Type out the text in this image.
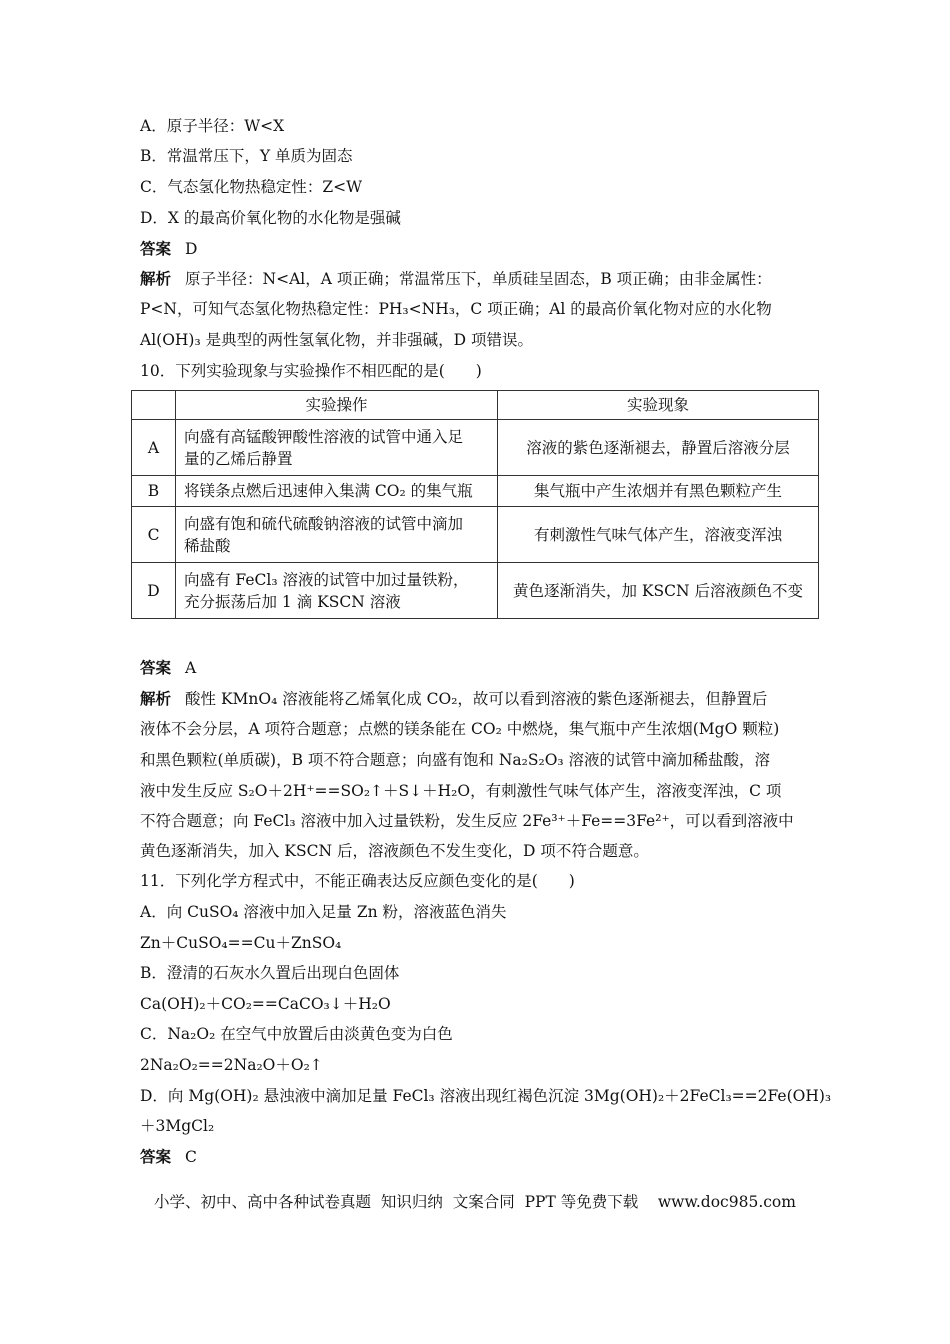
A．原子半径：W<X
B．常温常压下，Y 单质为固态
C．气态氢化物热稳定性：Z<W
D．X 的最高价氧化物的水化物是强碱
答案 D
解析 原子半径：N<Al，A 项正确；常温常压下，单质硅呈固态，B 项正确；由非金属性：
P<N，可知气态氢化物热稳定性：PH₃<NH₃，C 项正确；Al 的最高价氧化物对应的水化物
Al(OH)₃ 是典型的两性氢氧化物，并非强碱，D 项错误。
10．下列实验现象与实验操作不相匹配的是(　　)
	实验操作	实验现象
A	向盛有高锰酸钾酸性溶液的试管中通入足
量的乙烯后静置	溶液的紫色逐渐褪去，静置后溶液分层
B	将镁条点燃后迅速伸入集满 CO₂ 的集气瓶	集气瓶中产生浓烟并有黑色颗粒产生
C	向盛有饱和硫代硫酸钠溶液的试管中滴加
稀盐酸	有刺激性气味气体产生，溶液变浑浊
D	向盛有 FeCl₃ 溶液的试管中加过量铁粉，
充分振荡后加 1 滴 KSCN 溶液	黄色逐渐消失，加 KSCN 后溶液颜色不变
答案 A
解析 酸性 KMnO₄ 溶液能将乙烯氧化成 CO₂，故可以看到溶液的紫色逐渐褪去，但静置后
液体不会分层，A 项符合题意；点燃的镁条能在 CO₂ 中燃烧，集气瓶中产生浓烟(MgO 颗粒)
和黑色颗粒(单质碳)，B 项不符合题意；向盛有饱和 Na₂S₂O₃ 溶液的试管中滴加稀盐酸，溶
液中发生反应 S₂O＋2H⁺==SO₂↑＋S↓＋H₂O，有刺激性气味气体产生，溶液变浑浊，C 项
不符合题意；向 FeCl₃ 溶液中加入过量铁粉，发生反应 2Fe³⁺＋Fe==3Fe²⁺，可以看到溶液中
黄色逐渐消失，加入 KSCN 后，溶液颜色不发生变化，D 项不符合题意。
11．下列化学方程式中，不能正确表达反应颜色变化的是(　　)
A．向 CuSO₄ 溶液中加入足量 Zn 粉，溶液蓝色消失
Zn＋CuSO₄==Cu＋ZnSO₄
B．澄清的石灰水久置后出现白色固体
Ca(OH)₂＋CO₂==CaCO₃↓＋H₂O
C．Na₂O₂ 在空气中放置后由淡黄色变为白色
2Na₂O₂==2Na₂O＋O₂↑
D．向 Mg(OH)₂ 悬浊液中滴加足量 FeCl₃ 溶液出现红褐色沉淀 3Mg(OH)₂＋2FeCl₃==2Fe(OH)₃
＋3MgCl₂
答案 C
小学、初中、高中各种试卷真题  知识归纳  文案合同  PPT 等免费下载    www.doc985.com
